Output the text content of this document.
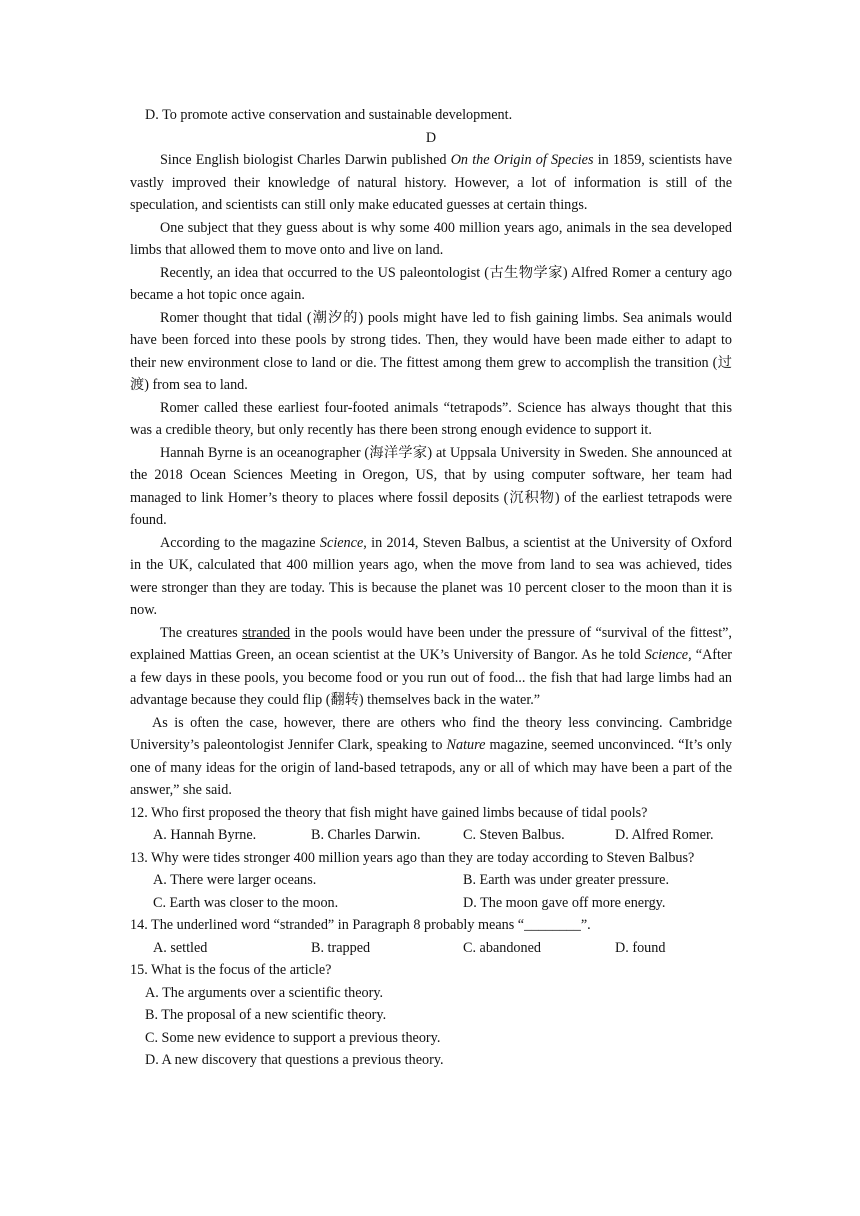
D. To promote active conservation and sustainable development.
D

Since English biologist Charles Darwin published On the Origin of Species in 1859, scientists have vastly improved their knowledge of natural history. However, a lot of information is still of the speculation, and scientists can still only make educated guesses at certain things.

One subject that they guess about is why some 400 million years ago, animals in the sea developed limbs that allowed them to move onto and live on land.

Recently, an idea that occurred to the US paleontologist (古生物学家) Alfred Romer a century ago became a hot topic once again.

Romer thought that tidal (潮汐的) pools might have led to fish gaining limbs. Sea animals would have been forced into these pools by strong tides. Then, they would have been made either to adapt to their new environment close to land or die. The fittest among them grew to accomplish the transition (过渡) from sea to land.

Romer called these earliest four-footed animals “tetrapods”. Science has always thought that this was a credible theory, but only recently has there been strong enough evidence to support it.

Hannah Byrne is an oceanographer (海洋学家) at Uppsala University in Sweden. She announced at the 2018 Ocean Sciences Meeting in Oregon, US, that by using computer software, her team had managed to link Homer’s theory to places where fossil deposits (沉积物) of the earliest tetrapods were found.

According to the magazine Science, in 2014, Steven Balbus, a scientist at the University of Oxford in the UK, calculated that 400 million years ago, when the move from land to sea was achieved, tides were stronger than they are today. This is because the planet was 10 percent closer to the moon than it is now.

The creatures stranded in the pools would have been under the pressure of “survival of the fittest”, explained Mattias Green, an ocean scientist at the UK’s University of Bangor. As he told Science, “After a few days in these pools, you become food or you run out of food... the fish that had large limbs had an advantage because they could flip (翻转) themselves back in the water.”

As is often the case, however, there are others who find the theory less convincing. Cambridge University’s paleontologist Jennifer Clark, speaking to Nature magazine, seemed unconvinced. “It’s only one of many ideas for the origin of land-based tetrapods, any or all of which may have been a part of the answer,” she said.

12. Who first proposed the theory that fish might have gained limbs because of tidal pools?
A. Hannah Byrne.	B. Charles Darwin.	C. Steven Balbus.	D. Alfred Romer.
13. Why were tides stronger 400 million years ago than they are today according to Steven Balbus?
A. There were larger oceans.	B. Earth was under greater pressure.
C. Earth was closer to the moon.	D. The moon gave off more energy.
14. The underlined word “stranded” in Paragraph 8 probably means “________”.
A. settled	B. trapped	C. abandoned	D. found
15. What is the focus of the article?
A. The arguments over a scientific theory.
B. The proposal of a new scientific theory.
C. Some new evidence to support a previous theory.
D. A new discovery that questions a previous theory.
